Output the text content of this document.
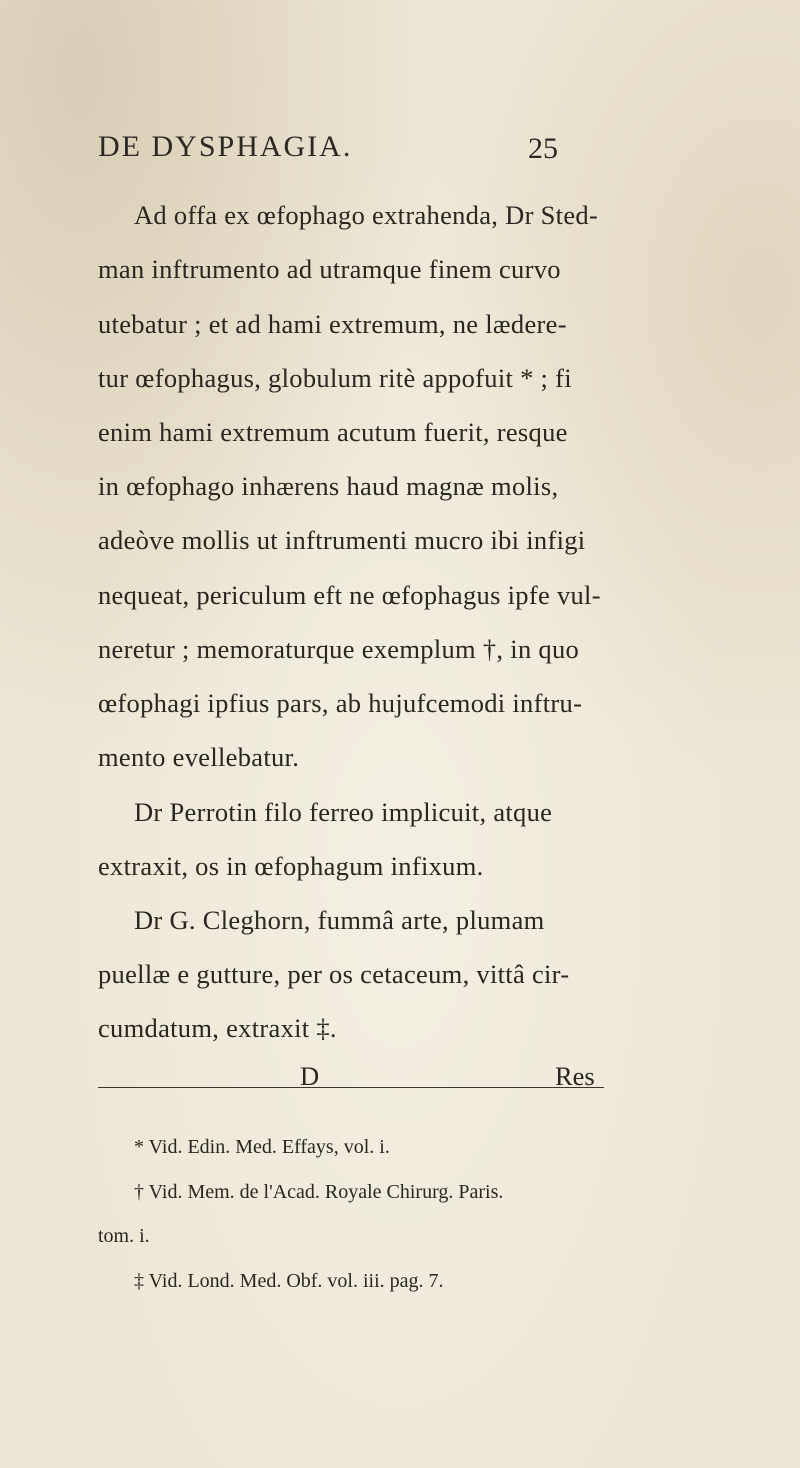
DE DYSPHAGIA.	25
Ad offa ex œfophago extrahenda, Dr Sted-
man inftrumento ad utramque finem curvo
utebatur ; et ad hami extremum, ne lædere-
tur œfophagus, globulum ritè appofuit * ; fi
enim hami extremum acutum fuerit, resque
in œfophago inhærens haud magnæ molis,
adeòve mollis ut inftrumenti mucro ibi infigi
nequeat, periculum eft ne œfophagus ipfe vul-
neretur ; memoraturque exemplum †, in quo
œfophagi ipfius pars, ab hujufcemodi inftru-
mento evellebatur.
Dr Perrotin filo ferreo implicuit, atque
extraxit, os in œfophagum infixum.
Dr G. Cleghorn, fummâ arte, plumam
puellæ e gutture, per os cetaceum, vittâ cir-
cumdatum, extraxit ‡.
D	Res
* Vid. Edin. Med. Effays, vol. i.
† Vid. Mem. de l'Acad. Royale Chirurg. Paris.
tom. i.
‡ Vid. Lond. Med. Obf. vol. iii. pag. 7.
